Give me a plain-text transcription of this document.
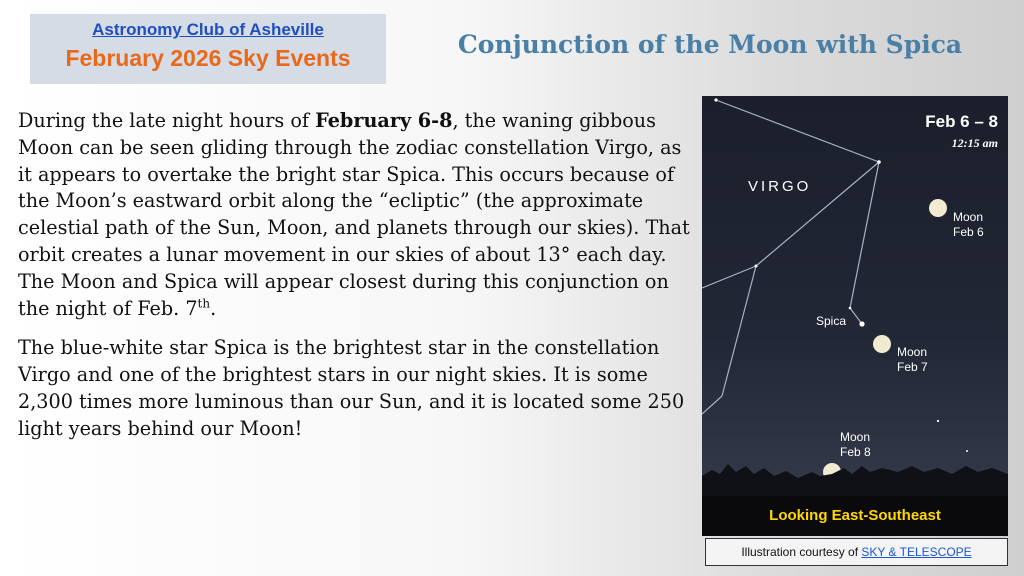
Astronomy Club of Asheville
February 2026 Sky Events	Conjunction of the Moon with Spica

During the late night hours of February 6-8, the waning gibbous Moon can be seen gliding through the zodiac constellation Virgo, as it appears to overtake the bright star Spica. This occurs because of the Moon’s eastward orbit along the “ecliptic” (the approximate celestial path of the Sun, Moon, and planets through our skies). That orbit creates a lunar movement in our skies of about 13° each day. The Moon and Spica will appear closest during this conjunction on the night of Feb. 7th.

The blue-white star Spica is the brightest star in the constellation Virgo and one of the brightest stars in our night skies. It is some 2,300 times more luminous than our Sun, and it is located some 250 light years behind our Moon!

Feb 6 – 8
12:15 am
VIRGO
Spica
Moon
Feb 6
Moon
Feb 7
Moon
Feb 8
Looking East-Southeast
Illustration courtesy of SKY & TELESCOPE
